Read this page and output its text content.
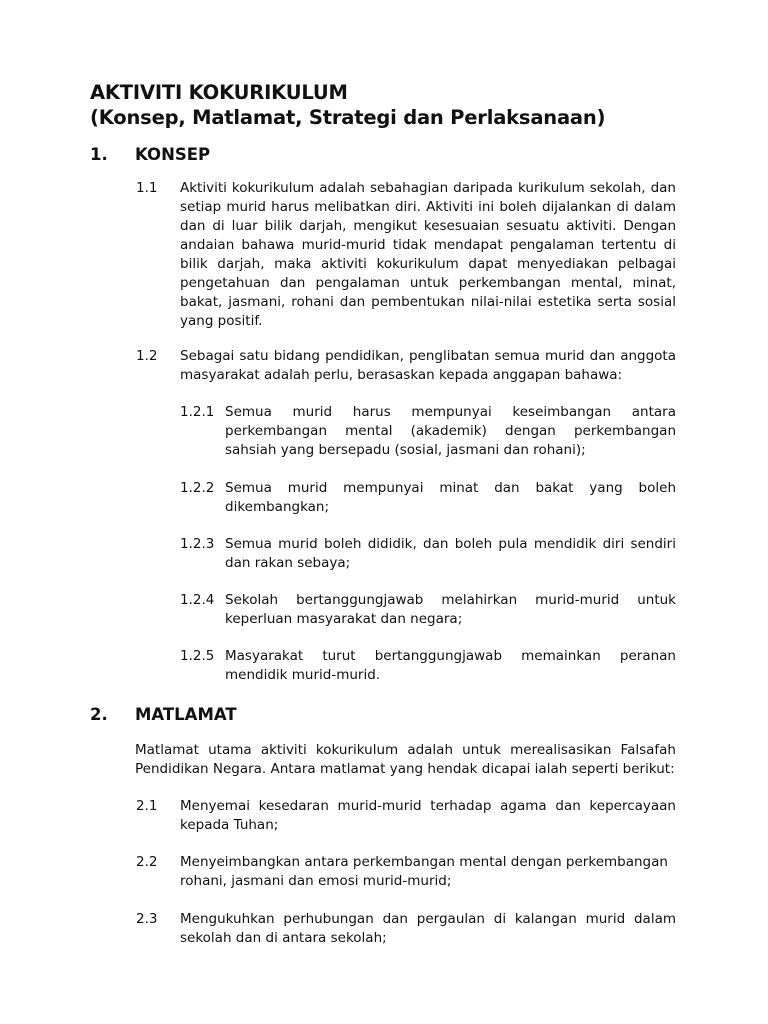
AKTIVITI KOKURIKULUM
(Konsep, Matlamat, Strategi dan Perlaksanaan)
1. KONSEP
1.1 Aktiviti kokurikulum adalah sebahagian daripada kurikulum sekolah, dan setiap murid harus melibatkan diri. Aktiviti ini boleh dijalankan di dalam dan di luar bilik darjah, mengikut kesesuaian sesuatu aktiviti. Dengan andaian bahawa murid-murid tidak mendapat pengalaman tertentu di bilik darjah, maka aktiviti kokurikulum dapat menyediakan pelbagai pengetahuan dan pengalaman untuk perkembangan mental, minat, bakat, jasmani, rohani dan pembentukan nilai-nilai estetika serta sosial yang positif.

1.2 Sebagai satu bidang pendidikan, penglibatan semua murid dan anggota masyarakat adalah perlu, berasaskan kepada anggapan bahawa:

1.2.1 Semua murid harus mempunyai keseimbangan antara perkembangan mental (akademik) dengan perkembangan sahsiah yang bersepadu (sosial, jasmani dan rohani);

1.2.2 Semua murid mempunyai minat dan bakat yang boleh dikembangkan;

1.2.3 Semua murid boleh dididik, dan boleh pula mendidik diri sendiri dan rakan sebaya;

1.2.4 Sekolah bertanggungjawab melahirkan murid-murid untuk keperluan masyarakat dan negara;

1.2.5 Masyarakat turut bertanggungjawab memainkan peranan mendidik murid-murid.

2. MATLAMAT

Matlamat utama aktiviti kokurikulum adalah untuk merealisasikan Falsafah Pendidikan Negara. Antara matlamat yang hendak dicapai ialah seperti berikut:

2.1 Menyemai kesedaran murid-murid terhadap agama dan kepercayaan kepada Tuhan;

2.2 Menyeimbangkan antara perkembangan mental dengan perkembangan rohani, jasmani dan emosi murid-murid;

2.3 Mengukuhkan perhubungan dan pergaulan di kalangan murid dalam sekolah dan di antara sekolah;
